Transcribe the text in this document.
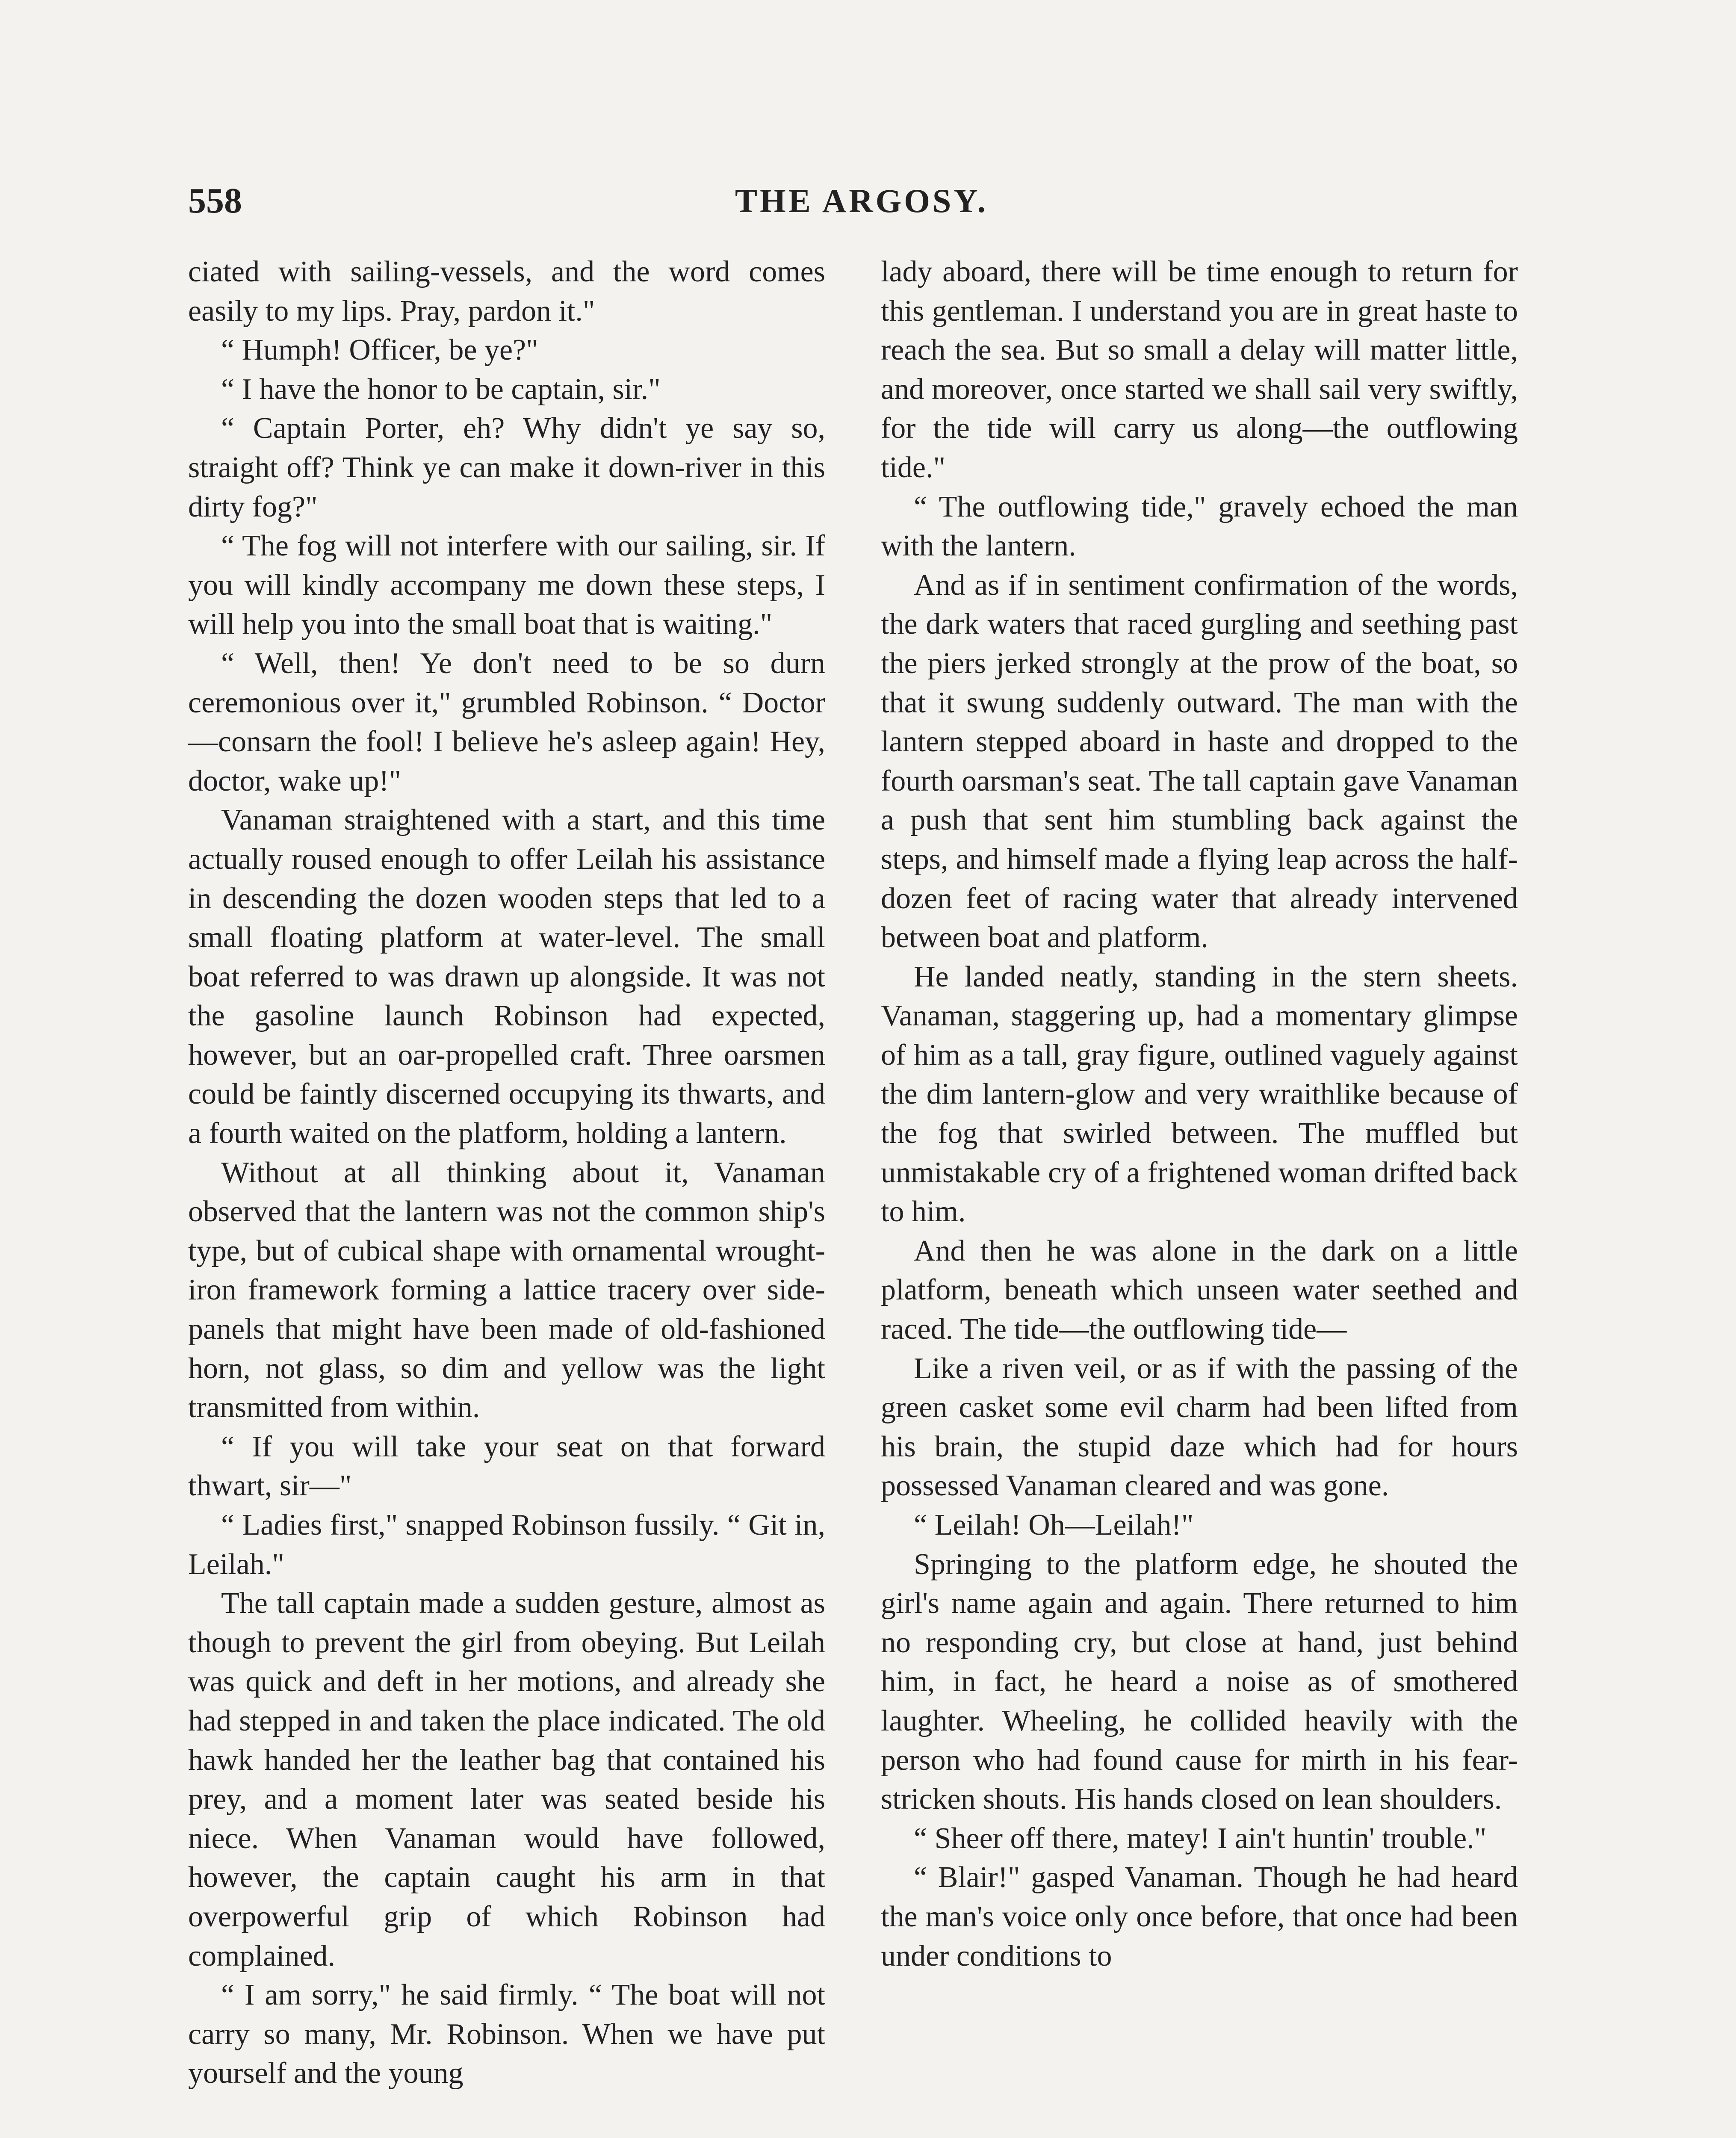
558	THE ARGOSY.

ciated with sailing-vessels, and the word comes easily to my lips. Pray, pardon it."

“ Humph! Officer, be ye?"

“ I have the honor to be captain, sir."

“ Captain Porter, eh? Why didn't ye say so, straight off? Think ye can make it down-river in this dirty fog?"

“ The fog will not interfere with our sailing, sir. If you will kindly accompany me down these steps, I will help you into the small boat that is waiting."

“ Well, then! Ye don't need to be so durn ceremonious over it," grumbled Robinson. “ Doctor—consarn the fool! I believe he's asleep again! Hey, doctor, wake up!"

Vanaman straightened with a start, and this time actually roused enough to offer Leilah his assistance in descending the dozen wooden steps that led to a small floating platform at water-level. The small boat referred to was drawn up alongside. It was not the gasoline launch Robinson had expected, however, but an oar-propelled craft. Three oarsmen could be faintly discerned occupying its thwarts, and a fourth waited on the platform, holding a lantern.

Without at all thinking about it, Vanaman observed that the lantern was not the common ship's type, but of cubical shape with ornamental wrought-iron framework forming a lattice tracery over side-panels that might have been made of old-fashioned horn, not glass, so dim and yellow was the light transmitted from within.

“ If you will take your seat on that forward thwart, sir—"

“ Ladies first," snapped Robinson fussily. “ Git in, Leilah."

The tall captain made a sudden gesture, almost as though to prevent the girl from obeying. But Leilah was quick and deft in her motions, and already she had stepped in and taken the place indicated. The old hawk handed her the leather bag that contained his prey, and a moment later was seated beside his niece. When Vanaman would have followed, however, the captain caught his arm in that overpowerful grip of which Robinson had complained.

“ I am sorry," he said firmly. “ The boat will not carry so many, Mr. Robinson. When we have put yourself and the young

lady aboard, there will be time enough to return for this gentleman. I understand you are in great haste to reach the sea. But so small a delay will matter little, and moreover, once started we shall sail very swiftly, for the tide will carry us along—the outflowing tide."

“ The outflowing tide," gravely echoed the man with the lantern.

And as if in sentiment confirmation of the words, the dark waters that raced gurgling and seething past the piers jerked strongly at the prow of the boat, so that it swung suddenly outward. The man with the lantern stepped aboard in haste and dropped to the fourth oarsman's seat. The tall captain gave Vanaman a push that sent him stumbling back against the steps, and himself made a flying leap across the half-dozen feet of racing water that already intervened between boat and platform.

He landed neatly, standing in the stern sheets. Vanaman, staggering up, had a momentary glimpse of him as a tall, gray figure, outlined vaguely against the dim lantern-glow and very wraithlike because of the fog that swirled between. The muffled but unmistakable cry of a frightened woman drifted back to him.

And then he was alone in the dark on a little platform, beneath which unseen water seethed and raced. The tide—the outflowing tide—

Like a riven veil, or as if with the passing of the green casket some evil charm had been lifted from his brain, the stupid daze which had for hours possessed Vanaman cleared and was gone.

“ Leilah! Oh—Leilah!"

Springing to the platform edge, he shouted the girl's name again and again. There returned to him no responding cry, but close at hand, just behind him, in fact, he heard a noise as of smothered laughter. Wheeling, he collided heavily with the person who had found cause for mirth in his fear-stricken shouts. His hands closed on lean shoulders.

“ Sheer off there, matey! I ain't huntin' trouble."

“ Blair!" gasped Vanaman. Though he had heard the man's voice only once before, that once had been under conditions to
